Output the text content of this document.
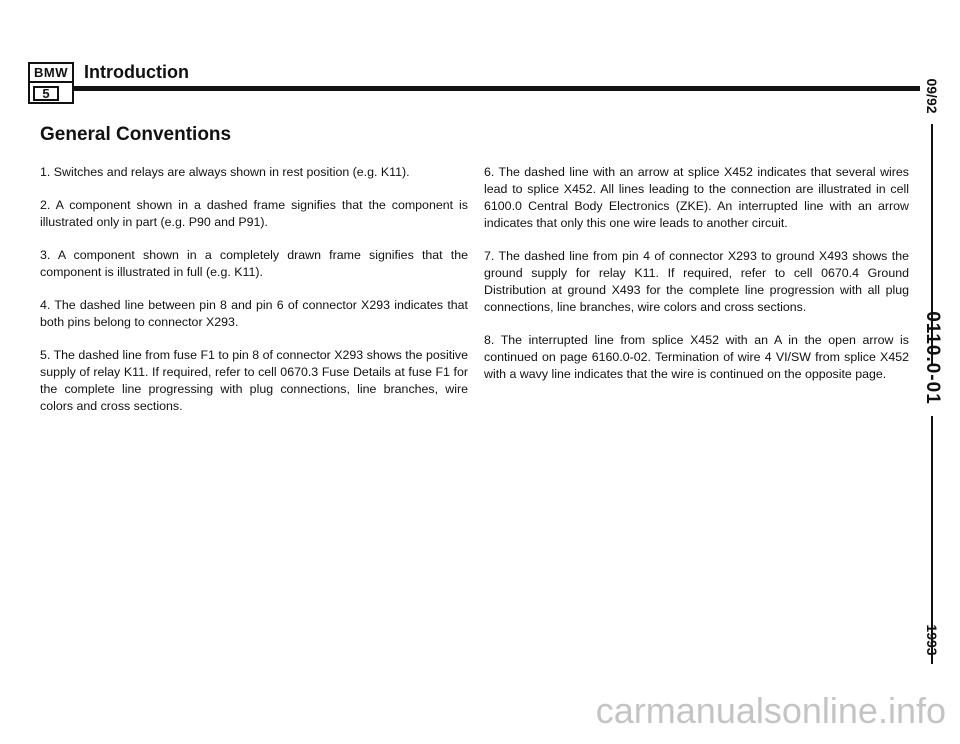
BMW
5
Introduction
General Conventions

1. Switches and relays are always shown in rest position (e.g. K11).

2. A component shown in a dashed frame signifies that the component is illustrated only in part (e.g. P90 and P91).

3. A component shown in a completely drawn frame signifies that the component is illustrated in full (e.g. K11).

4. The dashed line between pin 8 and pin 6 of connector X293 indicates that both pins belong to connector X293.

5. The dashed line from fuse F1 to pin 8 of connector X293 shows the positive supply of relay K11. If required, refer to cell 0670.3 Fuse Details at fuse F1 for the complete line progressing with plug connections, line branches, wire colors and cross sections.

6. The dashed line with an arrow at splice X452 indicates that several wires lead to splice X452. All lines leading to the connection are illustrated in cell 6100.0 Central Body Electronics (ZKE). An interrupted line with an arrow indicates that only this one wire leads to another circuit.

7. The dashed line from pin 4 of connector X293 to ground X493 shows the ground supply for relay K11. If required, refer to cell 0670.4 Ground Distribution at ground X493 for the complete line progression with all plug connections, line branches, wire colors and cross sections.

8. The interrupted line from splice X452 with an A in the open arrow is continued on page 6160.0-02. Termination of wire 4 VI/SW from splice X452 with a wavy line indicates that the wire is continued on the opposite page.

09/92
0110.0-01
1993
carmanualsonline.info
